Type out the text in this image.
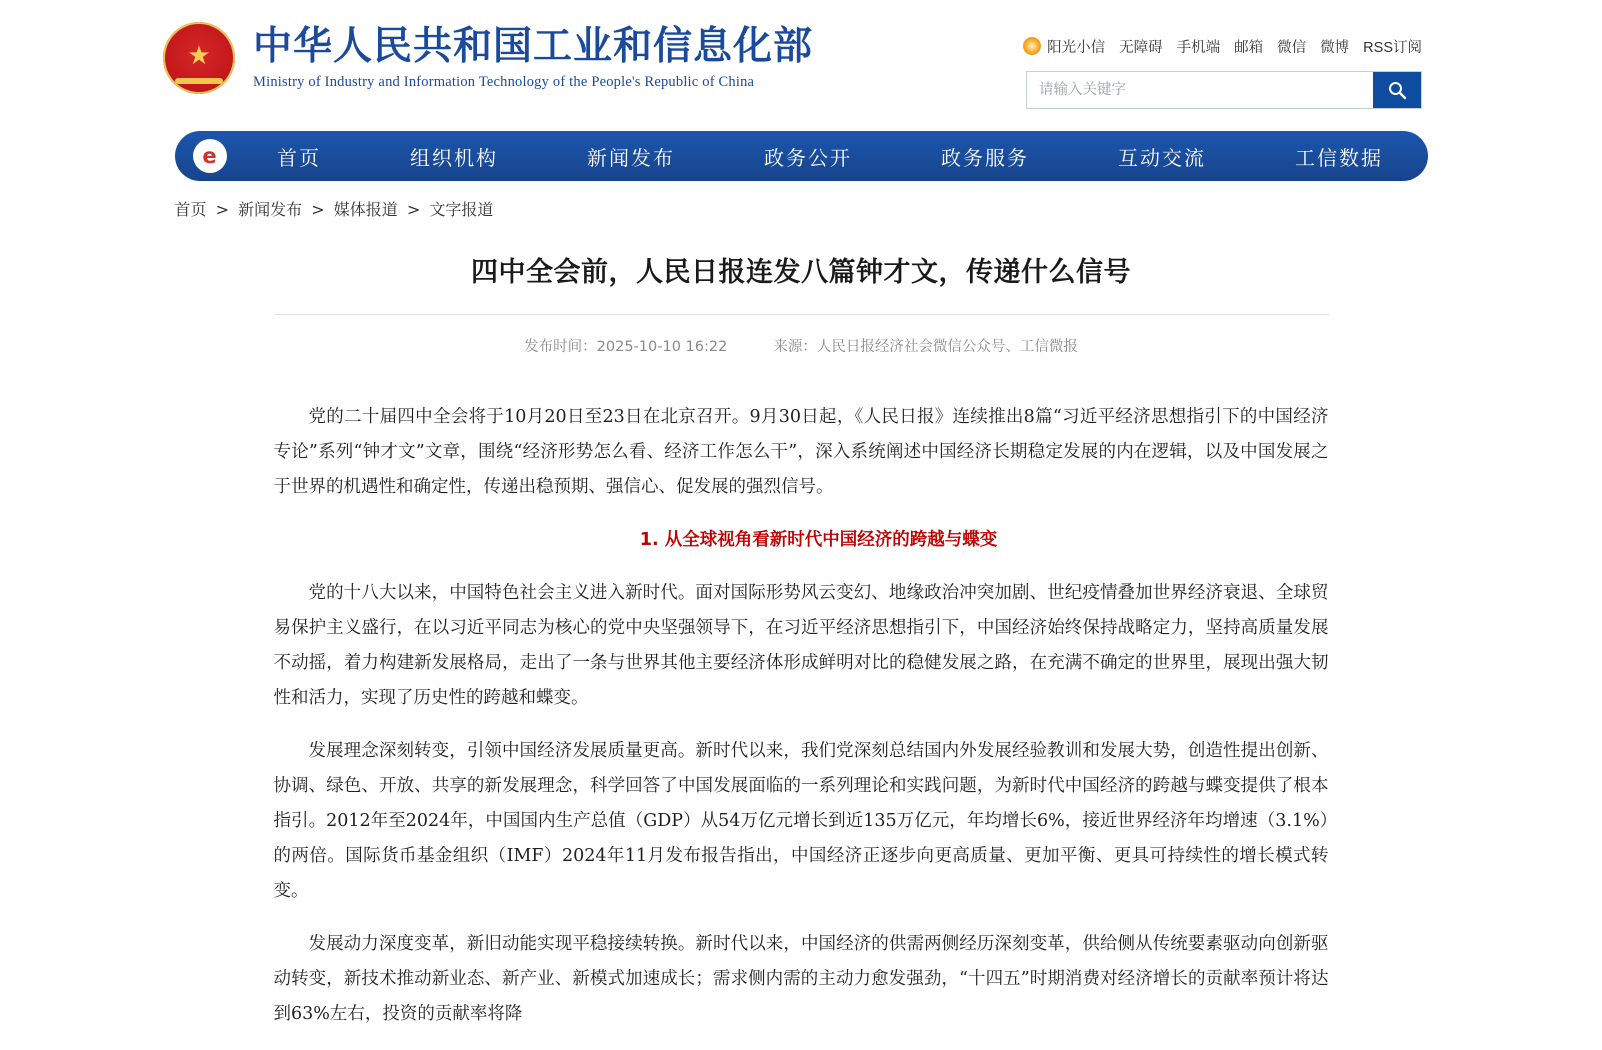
★
中华人民共和国工业和信息化部
Ministry of Industry and Information Technology of the People's Republic of China
阳光小信 无障碍 手机端 邮箱 微信 微博 RSS订阅
请输入关键字
e	首页	组织机构	新闻发布	政务公开	政务服务	互动交流	工信数据
首页 > 新闻发布 > 媒体报道 > 文字报道
四中全会前，人民日报连发八篇钟才文，传递什么信号
发布时间：2025-10-10 16:22	来源：人民日报经济社会微信公众号、工信微报

党的二十届四中全会将于10月20日至23日在北京召开。9月30日起，《人民日报》连续推出8篇“习近平经济思想指引下的中国经济专论”系列“钟才文”文章，围绕“经济形势怎么看、经济工作怎么干”，深入系统阐述中国经济长期稳定发展的内在逻辑，以及中国发展之于世界的机遇性和确定性，传递出稳预期、强信心、促发展的强烈信号。

1. 从全球视角看新时代中国经济的跨越与蝶变

党的十八大以来，中国特色社会主义进入新时代。面对国际形势风云变幻、地缘政治冲突加剧、世纪疫情叠加世界经济衰退、全球贸易保护主义盛行，在以习近平同志为核心的党中央坚强领导下，在习近平经济思想指引下，中国经济始终保持战略定力，坚持高质量发展不动摇，着力构建新发展格局，走出了一条与世界其他主要经济体形成鲜明对比的稳健发展之路，在充满不确定的世界里，展现出强大韧性和活力，实现了历史性的跨越和蝶变。

发展理念深刻转变，引领中国经济发展质量更高。新时代以来，我们党深刻总结国内外发展经验教训和发展大势，创造性提出创新、协调、绿色、开放、共享的新发展理念，科学回答了中国发展面临的一系列理论和实践问题，为新时代中国经济的跨越与蝶变提供了根本指引。2012年至2024年，中国国内生产总值（GDP）从54万亿元增长到近135万亿元，年均增长6%，接近世界经济年均增速（3.1%）的两倍。国际货币基金组织（IMF）2024年11月发布报告指出，中国经济正逐步向更高质量、更加平衡、更具可持续性的增长模式转变。

发展动力深度变革，新旧动能实现平稳接续转换。新时代以来，中国经济的供需两侧经历深刻变革，供给侧从传统要素驱动向创新驱动转变，新技术推动新业态、新产业、新模式加速成长；需求侧内需的主动力愈发强劲，“十四五”时期消费对经济增长的贡献率预计将达到63%左右，投资的贡献率将降
